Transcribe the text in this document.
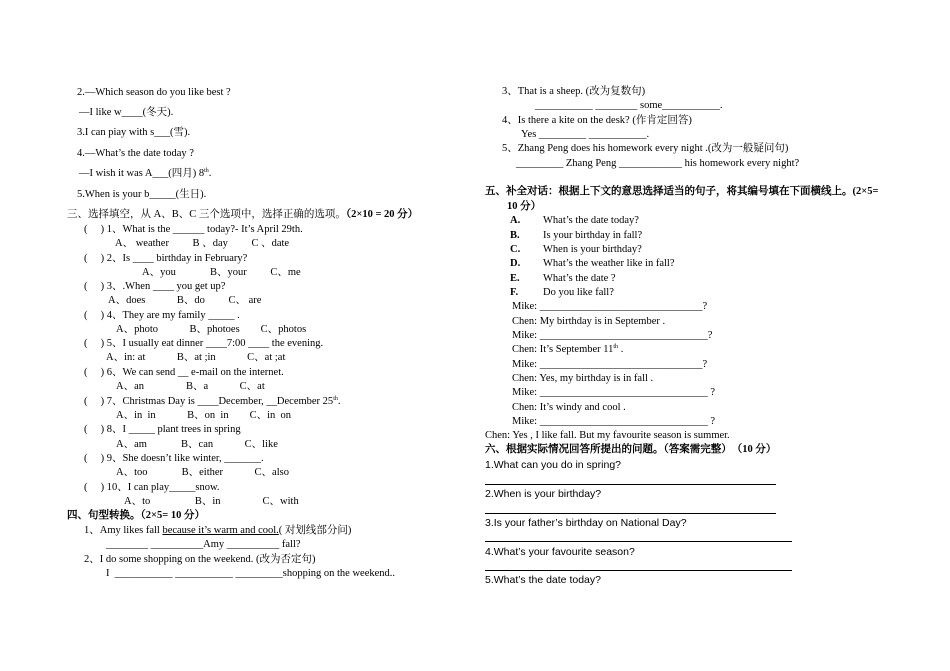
2.—Which season do you like best ?
—I like w____(冬天).
3.I can piay with s___(雪).
4.—What’s the date today ?
—I wish it was A___(四月) 8th.
5.When is your b_____(生日).
三、选择填空，从 A、B、C 三个选项中，选择正确的选项。（2×10 = 20 分）
(　 ) 1、What is the ______ today?- It’s April 29th.
A、 weather　　 B 、day　　 C 、date
(　 ) 2、Is ____ birthday in February?
A、you　　　 B、your　　 C、me
(　 ) 3、.When ____ you get up?
A、does　　　B、do　　 C、 are
(　 ) 4、They are my family _____ .
A、photo　　　B、photoes　　C、photos
(　 ) 5、I usually eat dinner ____7:00 ____ the evening.
A、in: at　　　B、at ;in　　　C、at ;at
(　 ) 6、We can send __ e-mail on the internet.
A、an　　　　B、a　　　C、at
(　 ) 7、Christmas Day is ____December, __December 25th.
A、in  in　　　B、on  in　　C、in  on
(　 ) 8、I _____ plant trees in spring
A、am　　　 B、can　　　C、like
(　 ) 9、She doesn’t like winter, _______.
A、too　　　 B、either　　　C、also
(　 ) 10、I can play_____snow.
A、to　　　　 B、in　　　　C、with
四、句型转换。（2×5= 10 分）
1、Amy likes fall because it’s warm and cool.( 对划线部分问)
________ __________Amy __________ fall?
2、I do some shopping on the weekend. (改为否定句)
I  ___________ ___________ _________shopping on the weekend..
3、That is a sheep. (改为复数句)
___________ ________ some___________.
4、Is there a kite on the desk? (作肯定回答)
Yes _________ ___________.
5、Zhang Peng does his homework every night .(改为一般疑问句)
_________ Zhang Peng ____________ his homework every night?
五、补全对话：根据上下文的意思选择适当的句子，将其编号填在下面横线上。(2×5=
10 分）
A. What’s the date today?
B. Is your birthday in fall?
C. When is your birthday?
D. What’s the weather like in fall?
E. What’s the date ?
F. Do you like fall?
Mike: _______________________________?
Chen: My birthday is in September .
Mike: ________________________________?
Chen: It’s September 11th .
Mike: _______________________________?
Chen: Yes, my birthday is in fall .
Mike: ________________________________ ?
Chen: It’s windy and cool .
Mike: ________________________________ ?
Chen: Yes , I like fall. But my favourite season is summer.
六、根据实际情况回答所提出的问题。（答案需完整）　（10 分）
1.What can you do in spring?
2.When is your birthday?
3.Is your father’s birthday on National Day?
4.What’s your favourite season?
5.What’s the date today?
